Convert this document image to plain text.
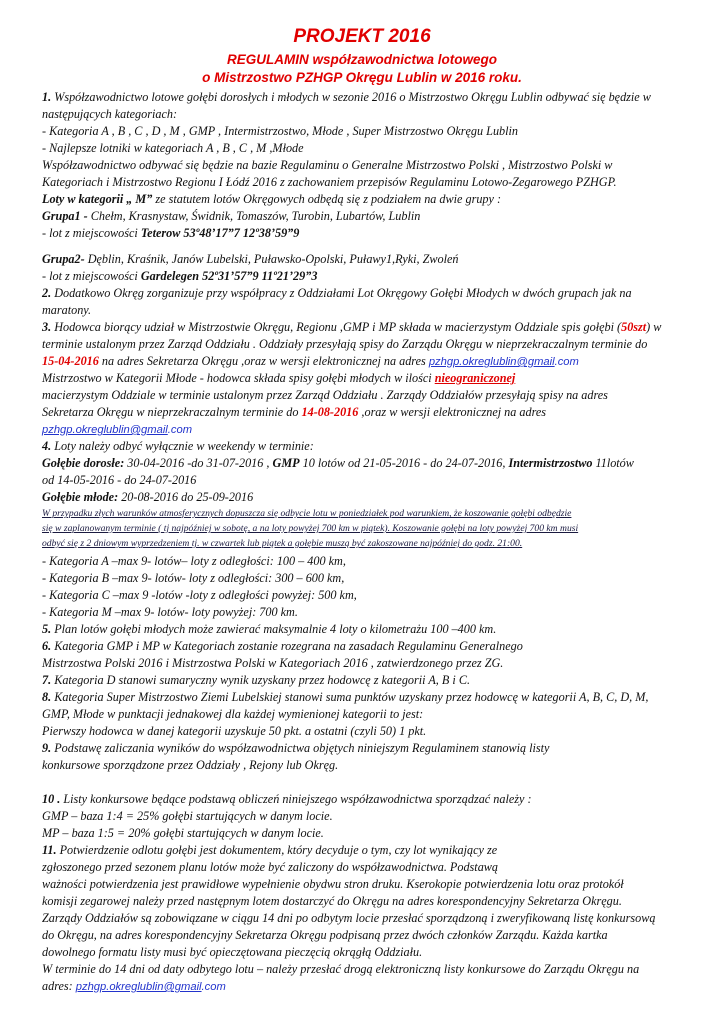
PROJEKT 2016
REGULAMIN współzawodnictwa lotowego
o Mistrzostwo PZHGP Okręgu Lublin w 2016 roku.
1. Współzawodnictwo lotowe gołębi dorosłych i młodych w sezonie 2016 o Mistrzostwo Okręgu Lublin odbywać się będzie w
następujących kategoriach:
- Kategoria A , B , C , D , M , GMP , Intermistrzostwo, Młode , Super Mistrzostwo Okręgu Lublin
- Najlepsze lotniki w kategoriach A , B , C , M ,Młode
Współzawodnictwo odbywać się będzie na bazie Regulaminu o Generalne Mistrzostwo Polski , Mistrzostwo Polski w
Kategoriach i Mistrzostwo Regionu I Łódź 2016 z zachowaniem przepisów Regulaminu Lotowo-Zegarowego PZHGP.
Loty w kategorii „ M” ze statutem lotów Okręgowych odbędą się z podziałem na dwie grupy :
Grupa1 - Chełm, Krasnystaw, Świdnik, Tomaszów, Turobin, Lubartów, Lublin
- lot z miejscowości Teterow 53º48’17”7 12º38’59”9
Grupa2- Dęblin, Kraśnik, Janów Lubelski, Puławsko-Opolski, Puławy1,Ryki, Zwoleń
- lot z miejscowości Gardelegen 52º31’57”9 11º21’29”3
2. Dodatkowo Okręg zorganizuje przy współpracy z Oddziałami Lot Okręgowy Gołębi Młodych w dwóch grupach jak na
maratony.
3. Hodowca biorący udział w Mistrzostwie Okręgu, Regionu ,GMP i MP składa w macierzystym Oddziale spis gołębi (50szt) w
terminie ustalonym przez Zarząd Oddziału . Oddziały przesyłają spisy do Zarządu Okręgu w nieprzekraczalnym terminie do
15-04-2016 na adres Sekretarza Okręgu ,oraz w wersji elektronicznej na adres pzhgp.okreglublin@gmail.com
Mistrzostwo w Kategorii Młode - hodowca składa spisy gołębi młodych w ilości nieograniczonej
macierzystym Oddziale w terminie ustalonym przez Zarząd Oddziału . Zarządy Oddziałów przesyłają spisy na adres
Sekretarza Okręgu w nieprzekraczalnym terminie do 14-08-2016 ,oraz w wersji elektronicznej na adres
pzhgp.okreglublin@gmail.com
4. Loty należy odbyć wyłącznie w weekendy w terminie:
Gołębie dorosłe: 30-04-2016 -do 31-07-2016 , GMP 10 lotów od 21-05-2016 - do 24-07-2016, Intermistrzostwo 11lotów
od 14-05-2016 - do 24-07-2016
Gołębie młode: 20-08-2016 do 25-09-2016
W przypadku złych warunków atmosferycznych dopuszcza się odbycie lotu w poniedziałek pod warunkiem, że koszowanie gołębi odbędzie
się w zaplanowanym terminie ( tj najpóźniej w sobotę, a na loty powyżej 700 km w piątek). Koszowanie gołębi na loty powyżej 700 km musi
odbyć się z 2 dniowym wyprzedzeniem tj. w czwartek lub piątek a gołębie muszą być zakoszowane najpóźniej do godz. 21:00.
- Kategoria A –max 9- lotów– loty z odległości: 100 – 400 km,
- Kategoria B –max 9- lotów- loty z odległości: 300 – 600 km,
- Kategoria C –max 9 -lotów -loty z odległości powyżej: 500 km,
- Kategoria M –max 9- lotów- loty powyżej: 700 km.
5. Plan lotów gołębi młodych może zawierać maksymalnie 4 loty o kilometrażu 100 –400 km.
6. Kategoria GMP i MP w Kategoriach zostanie rozegrana na zasadach Regulaminu Generalnego
Mistrzostwa Polski 2016 i Mistrzostwa Polski w Kategoriach 2016 , zatwierdzonego przez ZG.
7. Kategoria D stanowi sumaryczny wynik uzyskany przez hodowcę z kategorii A, B i C.
8. Kategoria Super Mistrzostwo Ziemi Lubelskiej stanowi suma punktów uzyskany przez hodowcę w kategorii A, B, C, D, M,
GMP, Młode w punktacji jednakowej dla każdej wymienionej kategorii to jest:
Pierwszy hodowca w danej kategorii uzyskuje 50 pkt. a ostatni (czyli 50) 1 pkt.
9. Podstawę zaliczania wyników do współzawodnictwa objętych niniejszym Regulaminem stanowią listy
konkursowe sporządzone przez Oddziały , Rejony lub Okręg.
10 . Listy konkursowe będące podstawą obliczeń niniejszego współzawodnictwa sporządzać należy :
GMP – baza 1:4 = 25% gołębi startujących w danym locie.
MP – baza 1:5 = 20% gołębi startujących w danym locie.
11. Potwierdzenie odlotu gołębi jest dokumentem, który decyduje o tym, czy lot wynikający ze
zgłoszonego przed sezonem planu lotów może być zaliczony do współzawodnictwa. Podstawą
ważności potwierdzenia jest prawidłowe wypełnienie obydwu stron druku. Kserokopie potwierdzenia lotu oraz protokół
komisji zegarowej należy przed następnym lotem dostarczyć do Okręgu na adres korespondencyjny Sekretarza Okręgu.
Zarządy Oddziałów są zobowiązane w ciągu 14 dni po odbytym locie przesłać sporządzoną i zweryfikowaną listę konkursową
do Okręgu, na adres korespondencyjny Sekretarza Okręgu podpisaną przez dwóch członków Zarządu. Każda kartka
dowolnego formatu listy musi być opieczętowana pieczęcią okrągłą Oddziału.
W terminie do 14 dni od daty odbytego lotu – należy przesłać drogą elektroniczną listy konkursowe do Zarządu Okręgu na
adres: pzhgp.okreglublin@gmail.com
